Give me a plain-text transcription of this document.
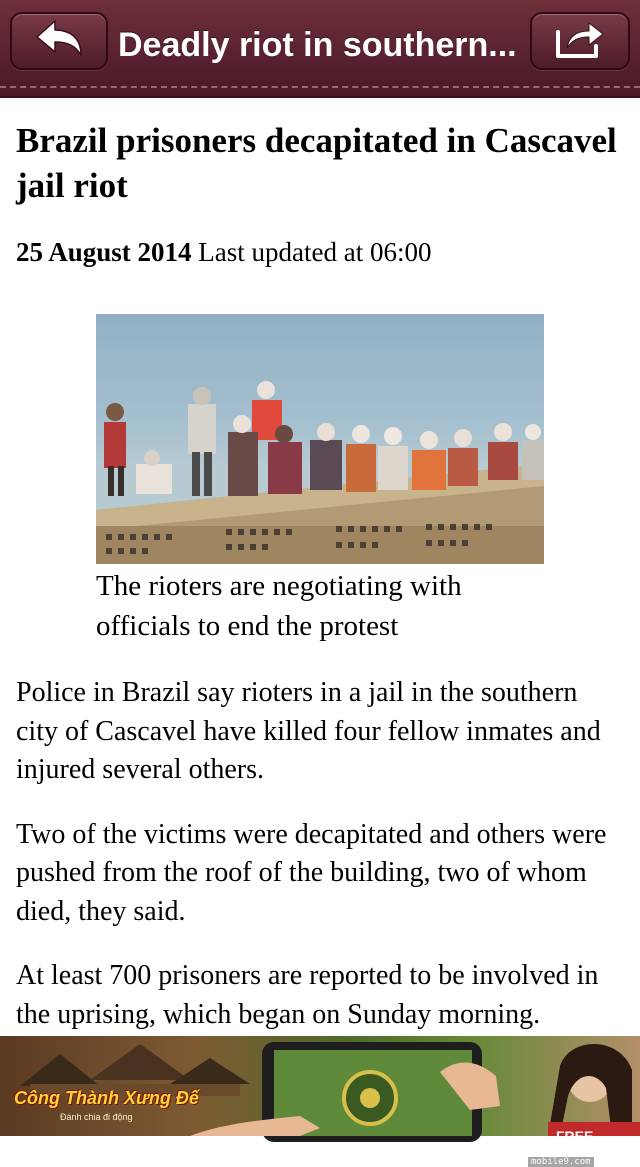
Deadly riot in southern...
Brazil prisoners decapitated in Cascavel jail riot

25 August 2014 Last updated at 06:00

The rioters are negotiating with officials to end the protest

Police in Brazil say rioters in a jail in the southern city of Cascavel have killed four fellow inmates and injured several others.

Two of the victims were decapitated and others were pushed from the roof of the building, two of whom died, they said.

At least 700 prisoners are reported to be involved in the uprising, which began on Sunday morning.

Công Thành Xưng Đế
Đánh chia đi động
FREE
mobile9.com
